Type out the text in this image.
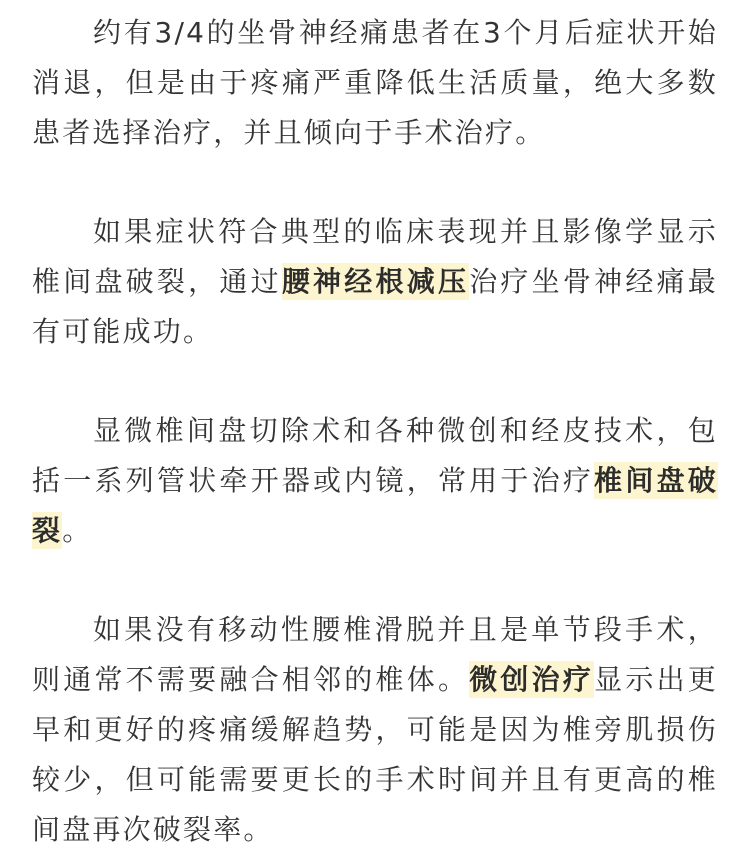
约有3/4的坐骨神经痛患者在3个月后症状开始消退，但是由于疼痛严重降低生活质量，绝大多数患者选择治疗，并且倾向于手术治疗。

如果症状符合典型的临床表现并且影像学显示椎间盘破裂，通过腰神经根减压治疗坐骨神经痛最有可能成功。

显微椎间盘切除术和各种微创和经皮技术，包括一系列管状牵开器或内镜，常用于治疗椎间盘破裂。

如果没有移动性腰椎滑脱并且是单节段手术，则通常不需要融合相邻的椎体。微创治疗显示出更早和更好的疼痛缓解趋势，可能是因为椎旁肌损伤较少，但可能需要更长的手术时间并且有更高的椎间盘再次破裂率。
